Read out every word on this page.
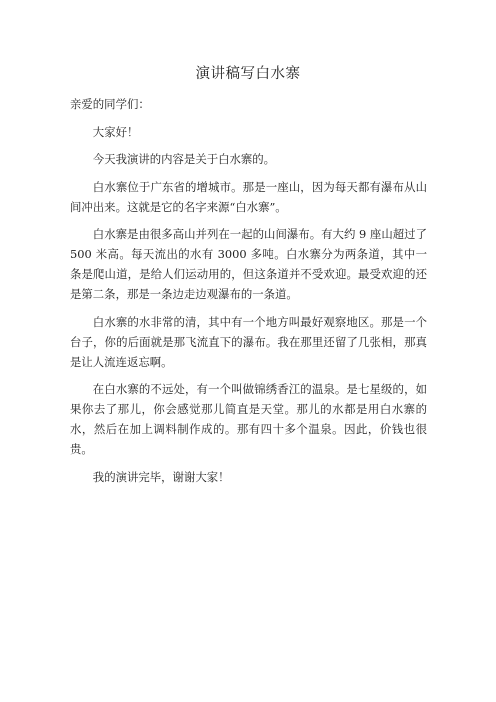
演讲稿写白水寨

亲爱的同学们：

大家好！

今天我演讲的内容是关于白水寨的。

白水寨位于广东省的增城市。那是一座山，因为每天都有瀑布从山间冲出来。这就是它的名字来源“白水寨”。

白水寨是由很多高山并列在一起的山间瀑布。有大约 9 座山超过了 500 米高。每天流出的水有 3000 多吨。白水寨分为两条道，其中一条是爬山道，是给人们运动用的，但这条道并不受欢迎。最受欢迎的还是第二条，那是一条边走边观瀑布的一条道。

白水寨的水非常的清，其中有一个地方叫最好观察地区。那是一个台子，你的后面就是那飞流直下的瀑布。我在那里还留了几张相，那真是让人流连返忘啊。

在白水寨的不远处，有一个叫做锦绣香江的温泉。是七星级的，如果你去了那儿，你会感觉那儿简直是天堂。那儿的水都是用白水寨的水，然后在加上调料制作成的。那有四十多个温泉。因此，价钱也很贵。

我的演讲完毕，谢谢大家！
